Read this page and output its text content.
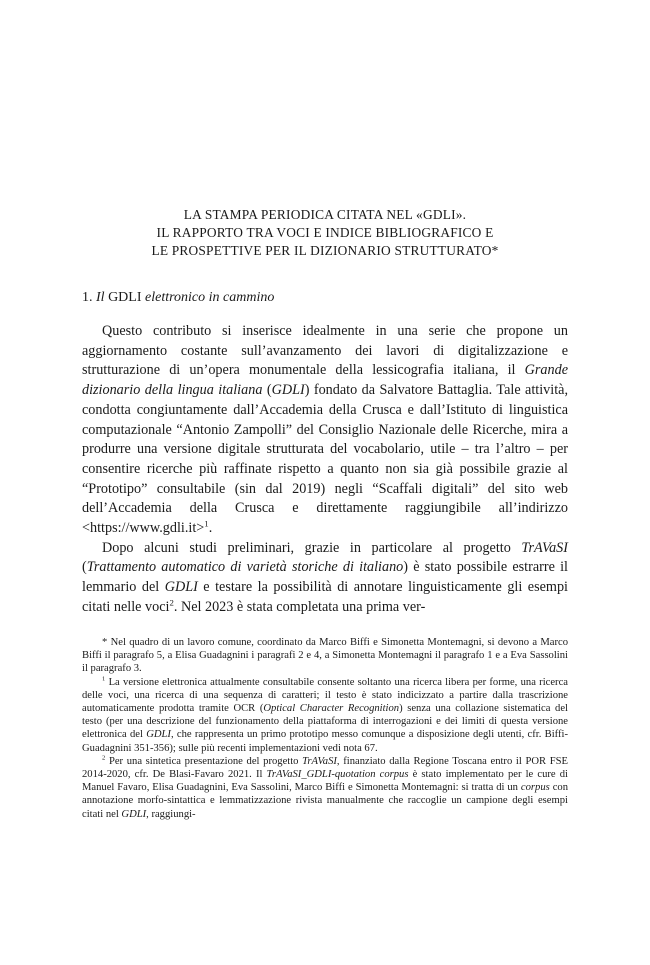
LA STAMPA PERIODICA CITATA NEL «GDLI».
IL RAPPORTO TRA VOCI E INDICE BIBLIOGRAFICO E
LE PROSPETTIVE PER IL DIZIONARIO STRUTTURATO*
1. Il GDLI elettronico in cammino

Questo contributo si inserisce idealmente in una serie che propone un aggiornamento costante sull’avanzamento dei lavori di digitalizzazione e strutturazione di un’opera monumentale della lessicografia italiana, il Grande dizionario della lingua italiana (GDLI) fondato da Salvatore Battaglia. Tale attività, condotta congiuntamente dall’Accademia della Crusca e dall’Istituto di linguistica computazionale “Antonio Zampolli” del Consiglio Nazionale delle Ricerche, mira a produrre una versione digitale strutturata del vocabolario, utile – tra l’altro – per consentire ricerche più raffinate rispetto a quanto non sia già possibile grazie al “Prototipo” consultabile (sin dal 2019) negli “Scaffali digitali” del sito web dell’Accademia della Crusca e direttamente raggiungibile all’indirizzo <https://www.gdli.it>$^1$.

Dopo alcuni studi preliminari, grazie in particolare al progetto TrAVaSI (Trattamento automatico di varietà storiche di italiano) è stato possibile estrarre il lemmario del GDLI e testare la possibilità di annotare linguisticamente gli esempi citati nelle voci$^2$. Nel 2023 è stata completata una prima ver-

* Nel quadro di un lavoro comune, coordinato da Marco Biffi e Simonetta Montemagni, si devono a Marco Biffi il paragrafo 5, a Elisa Guadagnini i paragrafi 2 e 4, a Simonetta Montemagni il paragrafo 1 e a Eva Sassolini il paragrafo 3.

$^1$ La versione elettronica attualmente consultabile consente soltanto una ricerca libera per forme, una ricerca delle voci, una ricerca di una sequenza di caratteri; il testo è stato indicizzato a partire dalla trascrizione automaticamente prodotta tramite OCR (Optical Character Recognition) senza una collazione sistematica del testo (per una descrizione del funzionamento della piattaforma di interrogazioni e dei limiti di questa versione elettronica del GDLI, che rappresenta un primo prototipo messo comunque a disposizione degli utenti, cfr. Biffi-Guadagnini 351-356); sulle più recenti implementazioni vedi nota 67.

$^2$ Per una sintetica presentazione del progetto TrAVaSI, finanziato dalla Regione Toscana entro il POR FSE 2014-2020, cfr. De Blasi-Favaro 2021. Il TrAVaSI_GDLI-quotation corpus è stato implementato per le cure di Manuel Favaro, Elisa Guadagnini, Eva Sassolini, Marco Biffi e Simonetta Montemagni: si tratta di un corpus con annotazione morfo-sintattica e lemmatizzazione rivista manualmente che raccoglie un campione degli esempi citati nel GDLI, raggiungi-
